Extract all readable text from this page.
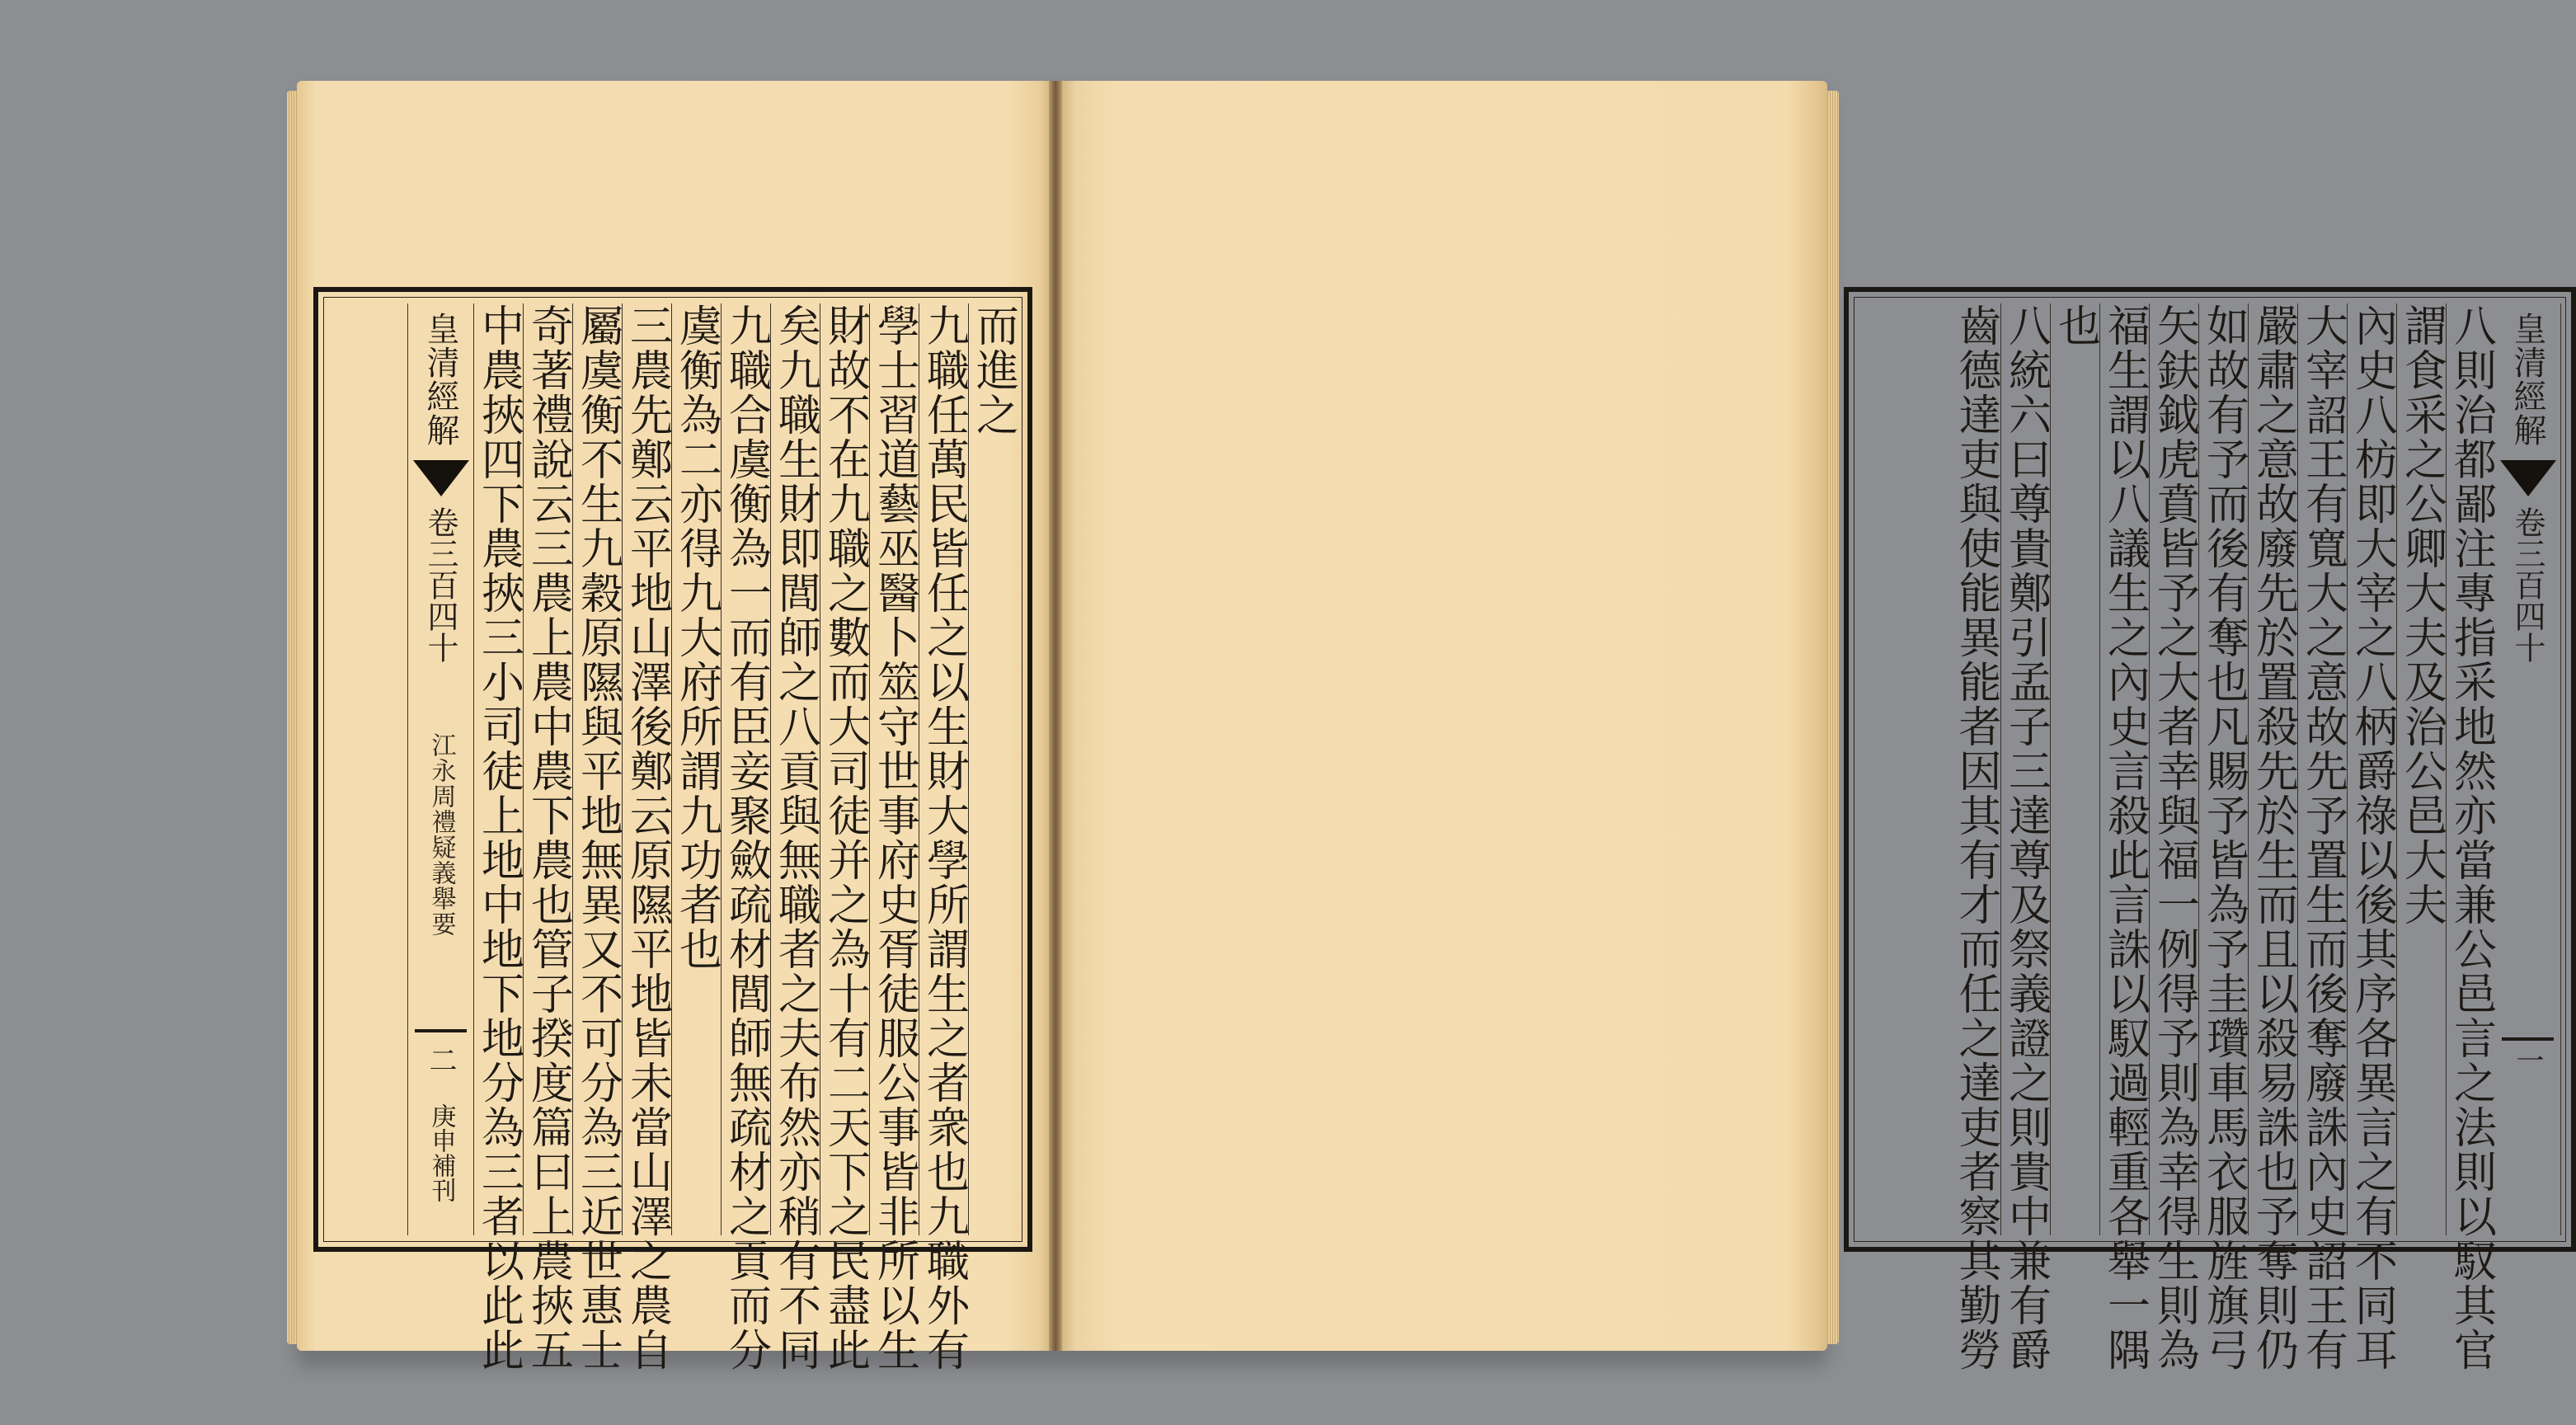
而進之
九職任萬民皆任之以生財大學所謂生之者衆也九職外有
學士習道藝巫醫卜筮守世事府史胥徒服公事皆非所以生
財故不在九職之數而大司徒并之為十有二天下之民盡此
矣九職生財即閭師之八貢與無職者之夫布然亦稍有不同
九職合虞衡為一而有臣妾聚斂疏材閭師無疏材之貢而分
虞衡為二亦得九大府所謂九功者也
三農先鄭云平地山澤後鄭云原隰平地皆未當山澤之農自
屬虞衡不生九穀原隰與平地無異又不可分為三近世惠士
奇著禮說云三農上農中農下農也管子揆度篇曰上農挾五
中農挾四下農挾三小司徒上地中地下地分為三者以此此
皇清經解
卷三百四十
江永周禮疑義舉要
二
庚申補刊
皇清經解
卷三百四十
一
八則治都鄙注專指采地然亦當兼公邑言之法則以馭其官
謂食采之公卿大夫及治公邑大夫
內史八枋即大宰之八柄爵祿以後其序各異言之有不同耳
大宰詔王有寬大之意故先予置生而後奪廢誅內史詔王有
嚴肅之意故廢先於置殺先於生而且以殺易誅也予奪則仍
如故有予而後有奪也凡賜予皆為予圭瓚車馬衣服旌旗弓
矢鈇鉞虎賁皆予之大者幸與福一例得予則為幸得生則為
福生謂以八議生之內史言殺此言誅以馭過輕重各舉一隅
也
八統六曰尊貴鄭引孟子三達尊及祭義證之則貴中兼有爵
齒德達吏與使能異能者因其有才而任之達吏者察其勤勞
